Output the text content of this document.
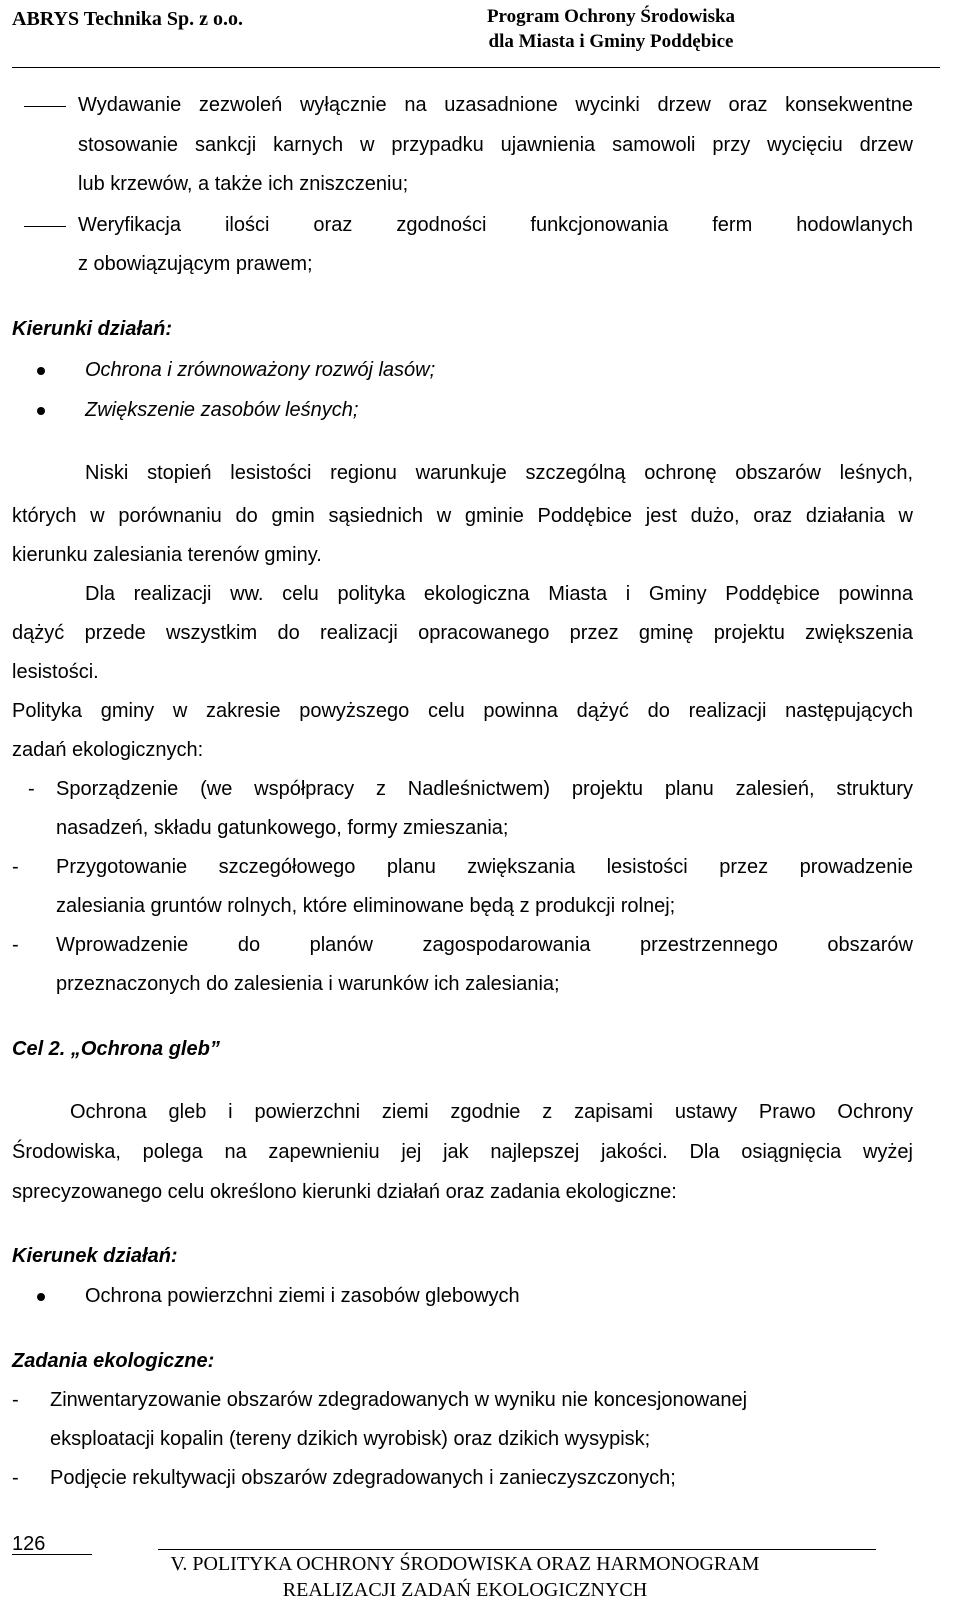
ABRYS Technika Sp. z o.o.	Program Ochrony Środowiska
dla Miasta i Gminy Poddębice
Wydawanie zezwoleń wyłącznie na uzasadnione wycinki drzew oraz konsekwentne
stosowanie sankcji karnych w przypadku ujawnienia samowoli przy wycięciu drzew
lub krzewów, a także ich zniszczeniu;
Weryfikacja ilości oraz zgodności funkcjonowania ferm hodowlanych
z obowiązującym prawem;
Kierunki działań:
Ochrona i zrównoważony rozwój lasów;
Zwiększenie zasobów leśnych;
Niski stopień lesistości regionu warunkuje szczególną ochronę obszarów leśnych,
których w porównaniu do gmin sąsiednich w gminie Poddębice jest dużo, oraz działania w
kierunku zalesiania terenów gminy.
Dla realizacji ww. celu polityka ekologiczna Miasta i Gminy Poddębice powinna
dążyć przede wszystkim do realizacji opracowanego przez gminę projektu zwiększenia
lesistości.
Polityka gminy w zakresie powyższego celu powinna dążyć do realizacji następujących
zadań ekologicznych:
- Sporządzenie (we współpracy z Nadleśnictwem) projektu planu zalesień, struktury
nasadzeń, składu gatunkowego, formy zmieszania;
- Przygotowanie szczegółowego planu zwiększania lesistości przez prowadzenie
zalesiania gruntów rolnych, które eliminowane będą z produkcji rolnej;
- Wprowadzenie do planów zagospodarowania przestrzennego obszarów
przeznaczonych do zalesienia i warunków ich zalesiania;
Cel 2. „Ochrona gleb”
Ochrona gleb i powierzchni ziemi zgodnie z zapisami ustawy Prawo Ochrony
Środowiska, polega na zapewnieniu jej jak najlepszej jakości. Dla osiągnięcia wyżej
sprecyzowanego celu określono kierunki działań oraz zadania ekologiczne:
Kierunek działań:
Ochrona powierzchni ziemi i zasobów glebowych
Zadania ekologiczne:
- Zinwentaryzowanie obszarów zdegradowanych w wyniku nie koncesjonowanej
eksploatacji kopalin (tereny dzikich wyrobisk) oraz dzikich wysypisk;
- Podjęcie rekultywacji obszarów zdegradowanych i zanieczyszczonych;
126
V. POLITYKA OCHRONY ŚRODOWISKA ORAZ HARMONOGRAM
REALIZACJI ZADAŃ EKOLOGICZNYCH
